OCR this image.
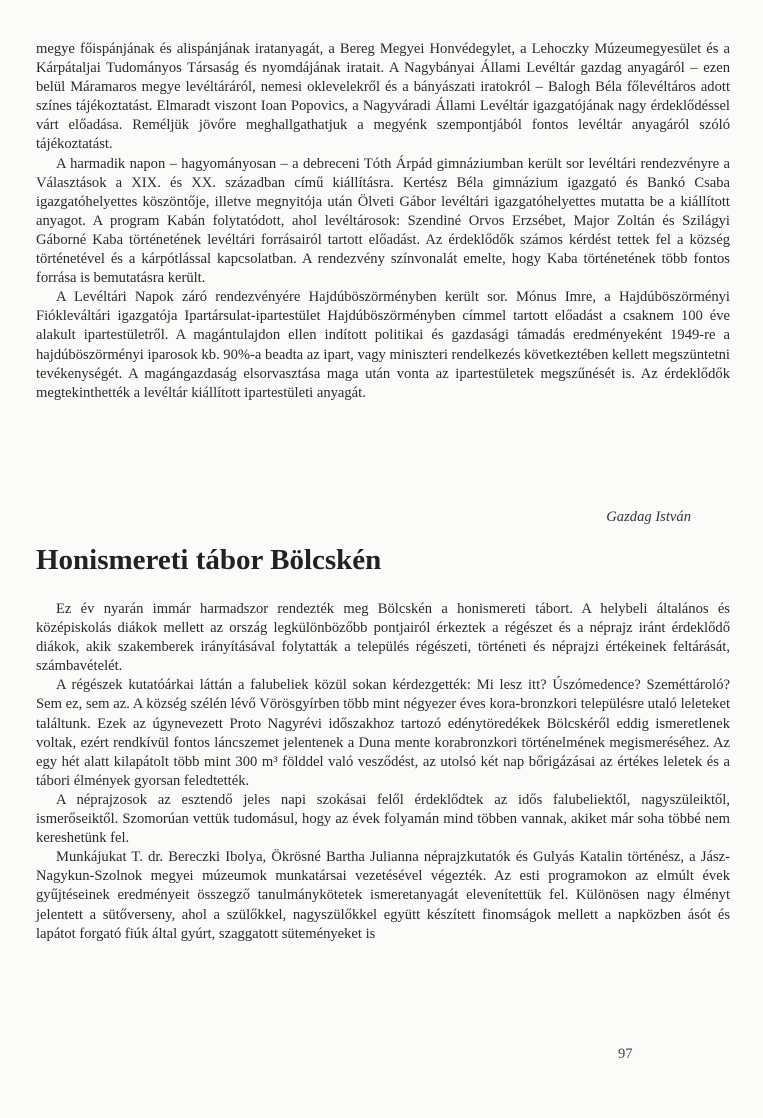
megye főispánjának és alispánjának iratanyagát, a Bereg Megyei Honvédegylet, a Lehoczky Múzeumegyesület és a Kárpátaljai Tudományos Társaság és nyomdájának iratait. A Nagybányai Állami Levéltár gazdag anyagáról – ezen belül Máramaros megye levéltáráról, nemesi oklevelekről és a bányászati iratokról – Balogh Béla főlevéltáros adott színes tájékoztatást. Elmaradt viszont Ioan Popovics, a Nagyváradi Állami Levéltár igazgatójának nagy érdeklődéssel várt előadása. Reméljük jövőre meghallgathatjuk a megyénk szempontjából fontos levéltár anyagáról szóló tájékoztatást.

A harmadik napon – hagyományosan – a debreceni Tóth Árpád gimnáziumban került sor levéltári rendezvényre a Választások a XIX. és XX. században című kiállításra. Kertész Béla gimnázium igazgató és Bankó Csaba igazgatóhelyettes köszöntője, illetve megnyitója után Ölveti Gábor levéltári igazgatóhelyettes mutatta be a kiállított anyagot. A program Kabán folytatódott, ahol levéltárosok: Szendiné Orvos Erzsébet, Major Zoltán és Szilágyi Gáborné Kaba történetének levéltári forrásairól tartott előadást. Az érdeklődők számos kérdést tettek fel a község történetével és a kárpótlással kapcsolatban. A rendezvény színvonalát emelte, hogy Kaba történetének több fontos forrása is bemutatásra került.

A Levéltári Napok záró rendezvényére Hajdúböszörményben került sor. Mónus Imre, a Hajdúböszörményi Fiókleváltári igazgatója Ipartársulat-ipartestület Hajdúböszörményben címmel tartott előadást a csaknem 100 éve alakult ipartestületről. A magántulajdon ellen indított politikai és gazdasági támadás eredményeként 1949-re a hajdúböszörményi iparosok kb. 90%-a beadta az ipart, vagy miniszteri rendelkezés következtében kellett megszüntetni tevékenységét. A magángazdaság elsorvasztása maga után vonta az ipartestületek megszűnését is. Az érdeklődők megtekinthették a levéltár kiállított ipartestületi anyagát.

Gazdag István
Honismereti tábor Bölcskén

Ez év nyarán immár harmadszor rendezték meg Bölcskén a honismereti tábort. A helybeli általános és középiskolás diákok mellett az ország legkülönbözőbb pontjairól érkeztek a régészet és a néprajz iránt érdeklődő diákok, akik szakemberek irányításával folytatták a település régészeti, történeti és néprajzi értékeinek feltárását, számbavételét.

A régészek kutatóárkai láttán a falubeliek közül sokan kérdezgették: Mi lesz itt? Úszómedence? Szeméttároló? Sem ez, sem az. A község szélén lévő Vörösgyírben több mint négyezer éves kora-bronzkori településre utaló leleteket találtunk. Ezek az úgynevezett Proto Nagyrévi időszakhoz tartozó edénytöredékek Bölcskéről eddig ismeretlenek voltak, ezért rendkívül fontos láncszemet jelentenek a Duna mente korabronzkori történelmének megismeréséhez. Az egy hét alatt kilapátolt több mint 300 m³ földdel való vesződést, az utolsó két nap bőrigázásai az értékes leletek és a tábori élmények gyorsan feledtették.

A néprajzosok az esztendő jeles napi szokásai felől érdeklődtek az idős falubeliektől, nagyszüleiktől, ismerőseiktől. Szomorúan vettük tudomásul, hogy az évek folyamán mind többen vannak, akiket már soha többé nem kereshetünk fel.

Munkájukat T. dr. Bereczki Ibolya, Ökrösné Bartha Julianna néprajzkutatók és Gulyás Katalin történész, a Jász-Nagykun-Szolnok megyei múzeumok munkatársai vezetésével végezték. Az esti programokon az elmúlt évek gyűjtéseinek eredményeit összegző tanulmánykötetek ismeretanyagát elevenítettük fel. Különösen nagy élményt jelentett a sütőverseny, ahol a szülőkkel, nagyszülőkkel együtt készített finomságok mellett a napközben ásót és lapátot forgató fiúk által gyúrt, szaggatott süteményeket is

97
